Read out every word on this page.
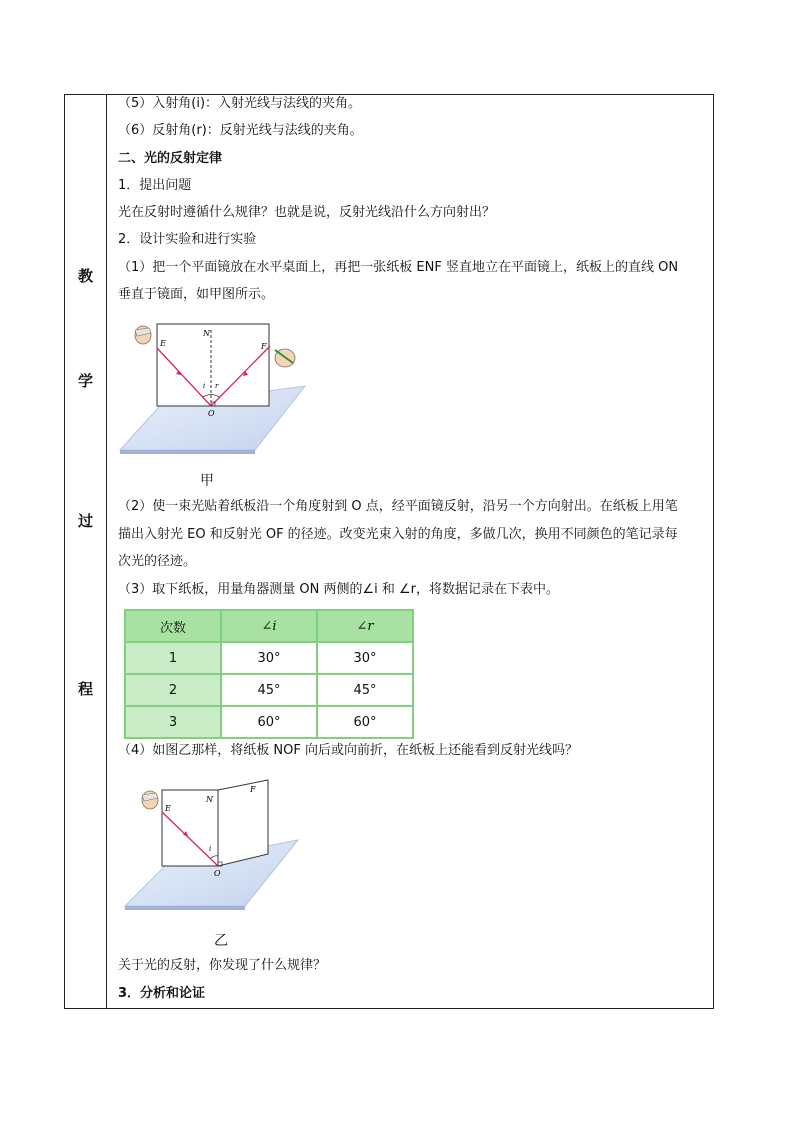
教
学
过
程
（5）入射角(i)：入射光线与法线的夹角。
（6）反射角(r)：反射光线与法线的夹角。
二、光的反射定律
1．提出问题
光在反射时遵循什么规律？也就是说，反射光线沿什么方向射出？
2．设计实验和进行实验
（1）把一个平面镜放在水平桌面上，再把一张纸板 ENF 竖直地立在平面镜上，纸板上的直线 ON
垂直于镜面，如甲图所示。
N
E	F
O
i r
甲
（2）使一束光贴着纸板沿一个角度射到 O 点，经平面镜反射，沿另一个方向射出。在纸板上用笔
描出入射光 EO 和反射光 OF 的径迹。改变光束入射的角度，多做几次，换用不同颜色的笔记录每
次光的径迹。
（3）取下纸板，用量角器测量 ON 两侧的∠i 和 ∠r，将数据记录在下表中。
次数	∠i	∠r
1	30°	30°
2	45°	45°
3	60°	60°
（4）如图乙那样，将纸板 NOF 向后或向前折，在纸板上还能看到反射光线吗？
N
E
F
O
i
乙
关于光的反射，你发现了什么规律？
3．分析和论证
